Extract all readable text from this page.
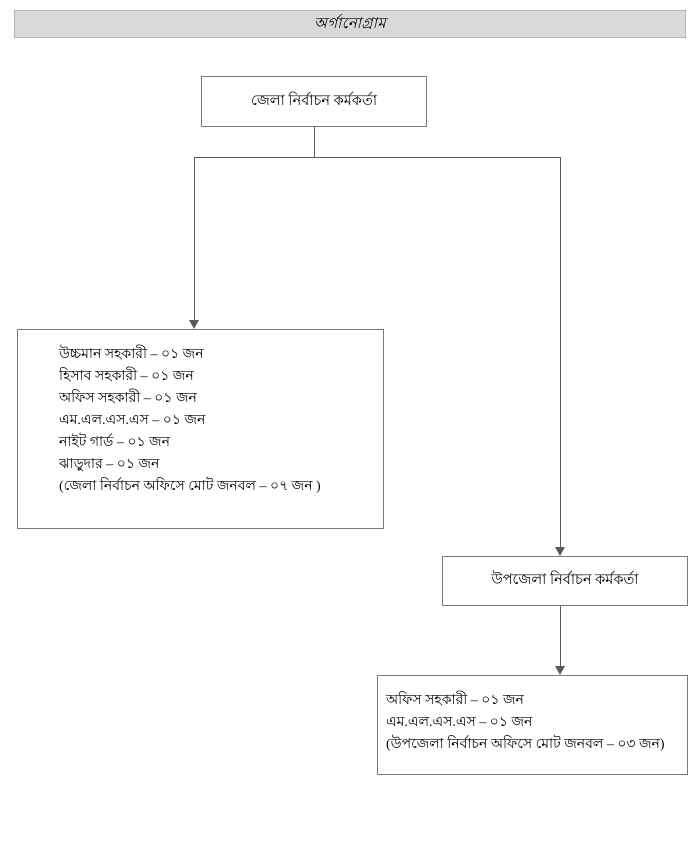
অর্গানোগ্রাম
জেলা নির্বাচন কর্মকর্তা
উচ্চমান সহকারী – ০১ জন
হিসাব সহকারী – ০১ জন
অফিস সহকারী – ০১ জন
এম.এল.এস.এস – ০১ জন
নাইট গার্ড – ০১ জন
ঝাড়ুদার – ০১ জন
(জেলা নির্বাচন অফিসে মোট জনবল – ০৭ জন )
উপজেলা নির্বাচন কর্মকর্তা
অফিস সহকারী – ০১ জন
এম.এল.এস.এস – ০১ জন
(উপজেলা নির্বাচন অফিসে মোট জনবল – ০৩ জন)
